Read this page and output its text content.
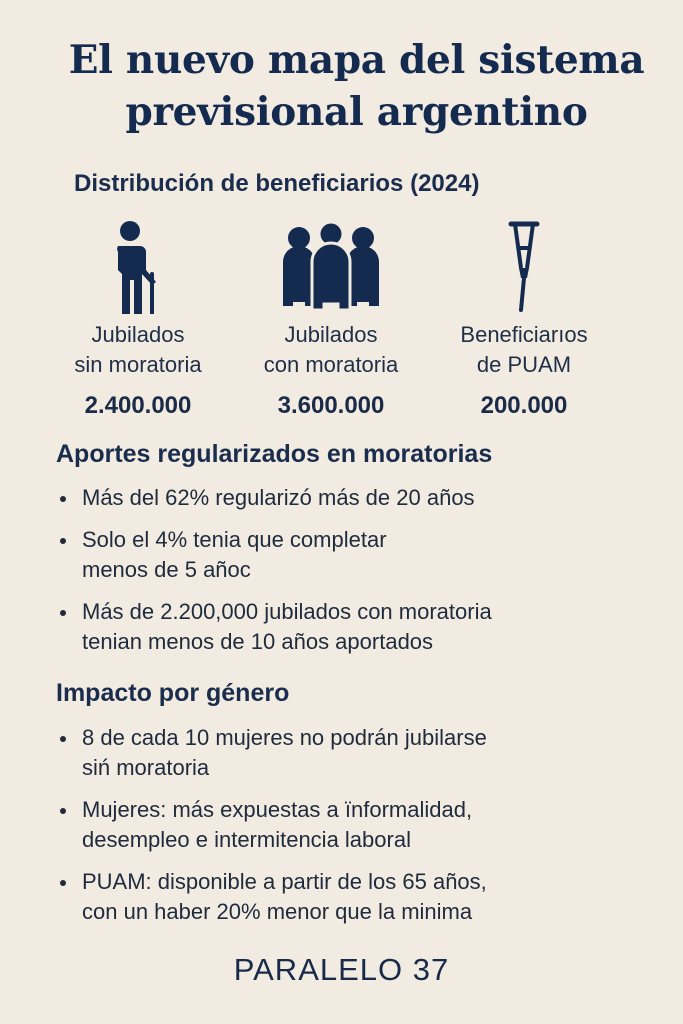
El nuevo mapa del sistema
previsional argentino
Distribución de beneficiarios (2024)
Jubilados
sin moratoria
2.400.000
Jubilados
con moratoria
3.600.000
Beneficiarıos
de PUAM
200.000
Aportes regularizados en moratorias
Más del 62% regularizó más de 20 años
Solo el 4% tenia que completar
menos de 5 añoc
Más de 2.200,000 jubilados con moratoria
tenian menos de 10 años aportados
Impacto por género
8 de cada 10 mujeres no podrán jubilarse
siń moratoria
Mujeres: más expuestas a ïnformalidad,
desempleo e intermitencia laboral
PUAM: disponible a partir de los 65 años,
con un haber 20% menor que la minima
PARALELO 37
